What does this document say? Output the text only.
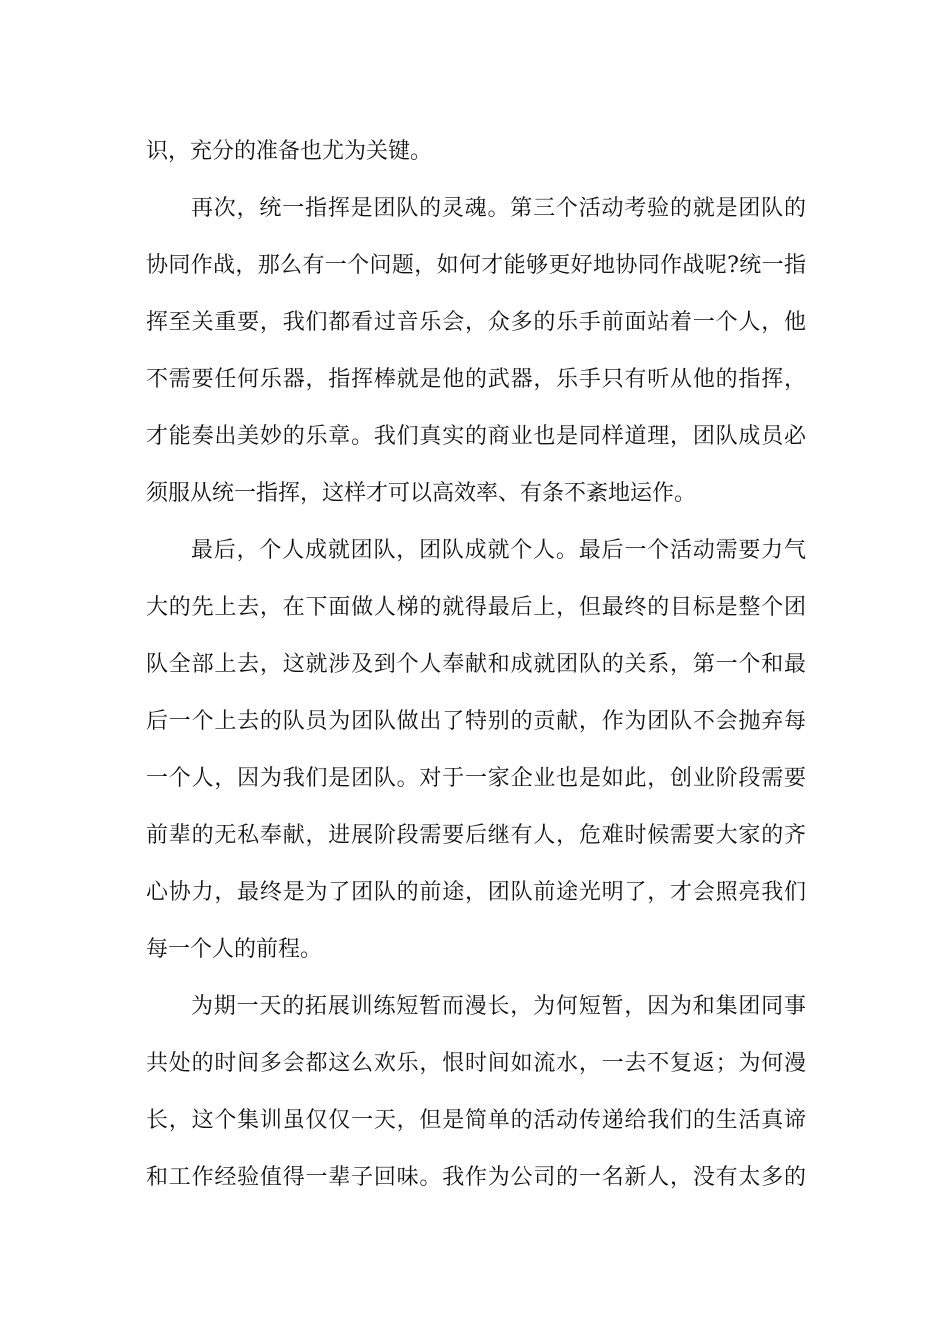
识，充分的准备也尤为关键。
再次，统一指挥是团队的灵魂。第三个活动考验的就是团队的
协同作战，那么有一个问题，如何才能够更好地协同作战呢?统一指
挥至关重要，我们都看过音乐会，众多的乐手前面站着一个人，他
不需要任何乐器，指挥棒就是他的武器，乐手只有听从他的指挥，
才能奏出美妙的乐章。我们真实的商业也是同样道理，团队成员必
须服从统一指挥，这样才可以高效率、有条不紊地运作。
最后，个人成就团队，团队成就个人。最后一个活动需要力气
大的先上去，在下面做人梯的就得最后上，但最终的目标是整个团
队全部上去，这就涉及到个人奉献和成就团队的关系，第一个和最
后一个上去的队员为团队做出了特别的贡献，作为团队不会抛弃每
一个人，因为我们是团队。对于一家企业也是如此，创业阶段需要
前辈的无私奉献，进展阶段需要后继有人，危难时候需要大家的齐
心协力，最终是为了团队的前途，团队前途光明了，才会照亮我们
每一个人的前程。
为期一天的拓展训练短暂而漫长，为何短暂，因为和集团同事
共处的时间多会都这么欢乐，恨时间如流水，一去不复返；为何漫
长，这个集训虽仅仅一天，但是简单的活动传递给我们的生活真谛
和工作经验值得一辈子回味。我作为公司的一名新人，没有太多的
